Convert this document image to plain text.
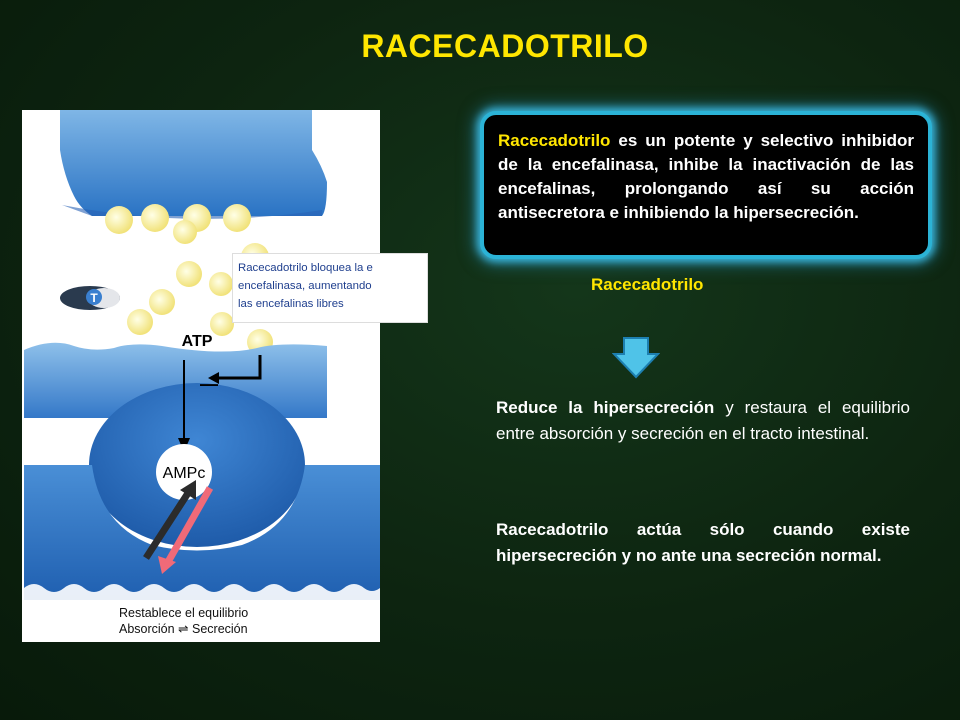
RACECADOTRILO
T
ATP
—
AMPc
Restablece el equilibrio
Absorción ⇌ Secreción
Racecadotrilo bloquea la e
encefalinasa, aumentando
las encefalinas libres
Racecadotrilo es un potente y selectivo inhibidor de la encefalinasa, inhibe la inactivación de las encefalinas, prolongando así su acción antisecretora e inhibiendo la hipersecreción.
Racecadotrilo
Reduce la hipersecreción y restaura el equilibrio entre absorción y secreción en el tracto intestinal.
Racecadotrilo actúa sólo cuando existe hipersecreción y no ante una secreción normal.
